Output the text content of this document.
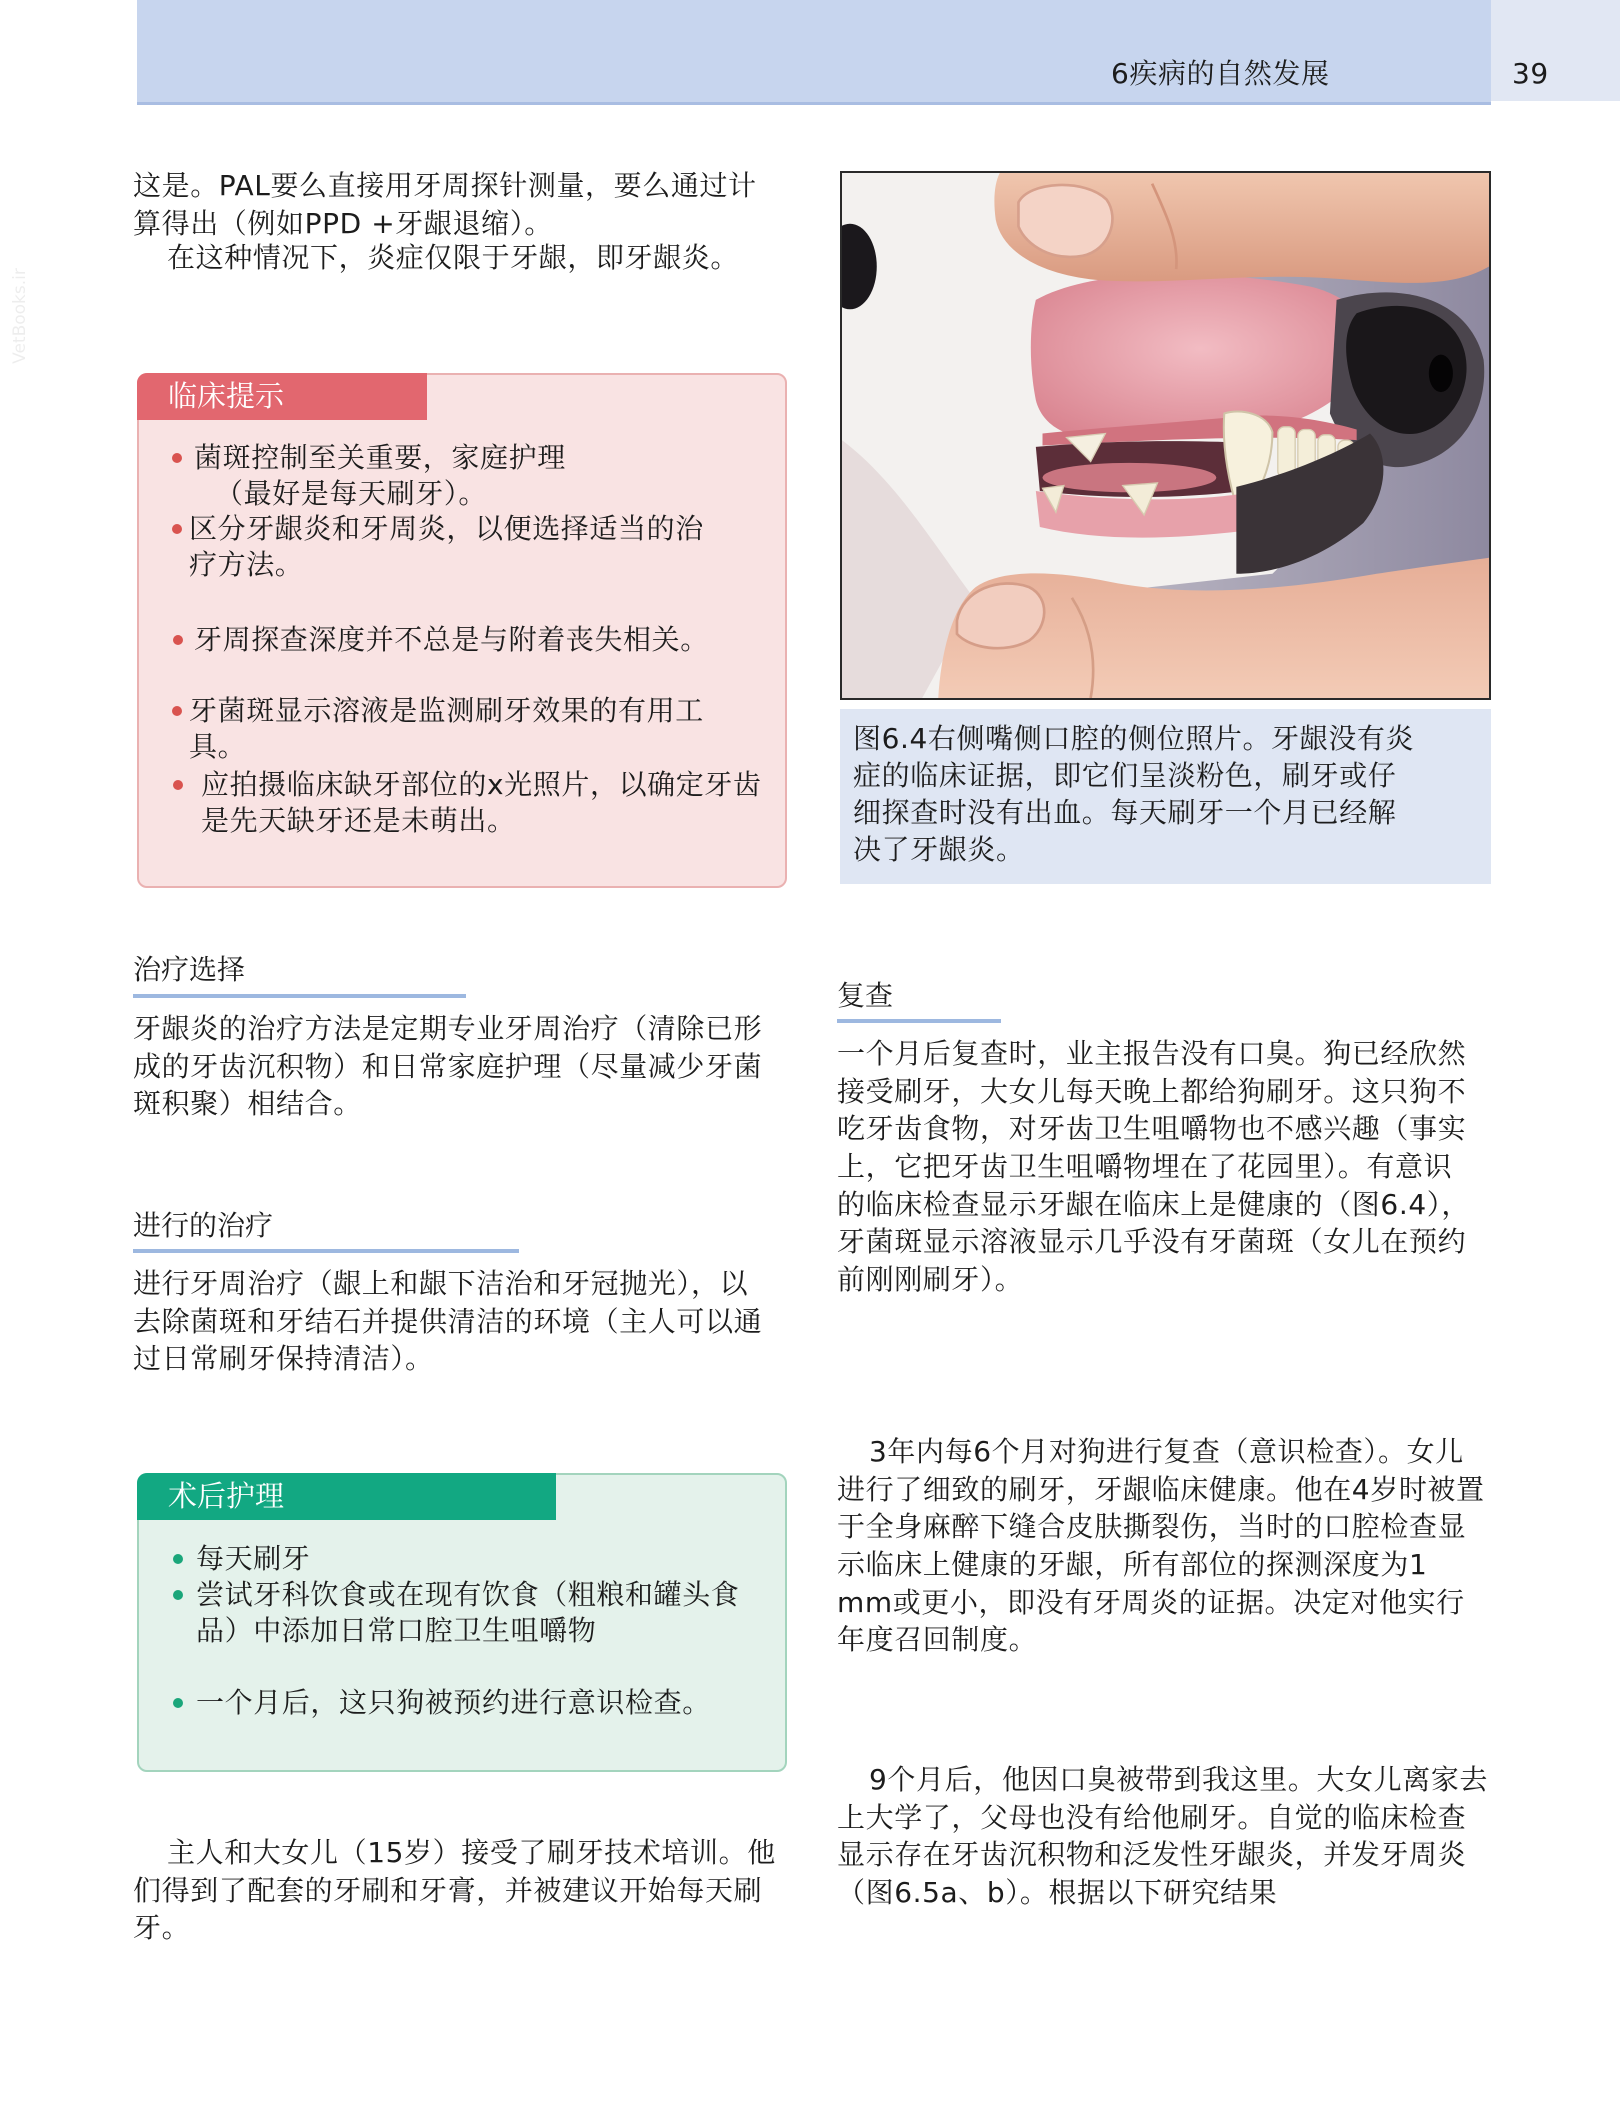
6疾病的自然发展	39
VetBooks.ir
这是。PAL要么直接用牙周探针测量，要么通过计
算得出（例如PPD +牙龈退缩）。
在这种情况下，炎症仅限于牙龈，即牙龈炎。
临床提示
菌斑控制至关重要，家庭护理
（最好是每天刷牙）。
区分牙龈炎和牙周炎，以便选择适当的治
疗方法。
牙周探查深度并不总是与附着丧失相关。
牙菌斑显示溶液是监测刷牙效果的有用工
具。
应拍摄临床缺牙部位的x光照片，以确定牙齿
是先天缺牙还是未萌出。
治疗选择
牙龈炎的治疗方法是定期专业牙周治疗（清除已形
成的牙齿沉积物）和日常家庭护理（尽量减少牙菌
斑积聚）相结合。
进行的治疗
进行牙周治疗（龈上和龈下洁治和牙冠抛光），以
去除菌斑和牙结石并提供清洁的环境（主人可以通
过日常刷牙保持清洁）。
术后护理
每天刷牙
尝试牙科饮食或在现有饮食（粗粮和罐头食
品）中添加日常口腔卫生咀嚼物
一个月后，这只狗被预约进行意识检查。
主人和大女儿（15岁）接受了刷牙技术培训。他
们得到了配套的牙刷和牙膏，并被建议开始每天刷
牙。
图6.4右侧嘴侧口腔的侧位照片。牙龈没有炎
症的临床证据，即它们呈淡粉色，刷牙或仔
细探查时没有出血。每天刷牙一个月已经解
决了牙龈炎。
复查
一个月后复查时，业主报告没有口臭。狗已经欣然
接受刷牙，大女儿每天晚上都给狗刷牙。这只狗不
吃牙齿食物，对牙齿卫生咀嚼物也不感兴趣（事实
上，它把牙齿卫生咀嚼物埋在了花园里）。有意识
的临床检查显示牙龈在临床上是健康的（图6.4），
牙菌斑显示溶液显示几乎没有牙菌斑（女儿在预约
前刚刚刷牙）。
3年内每6个月对狗进行复查（意识检查）。女儿
进行了细致的刷牙，牙龈临床健康。他在4岁时被置
于全身麻醉下缝合皮肤撕裂伤，当时的口腔检查显
示临床上健康的牙龈，所有部位的探测深度为1
mm或更小，即没有牙周炎的证据。决定对他实行
年度召回制度。
9个月后，他因口臭被带到我这里。大女儿离家去
上大学了，父母也没有给他刷牙。自觉的临床检查
显示存在牙齿沉积物和泛发性牙龈炎，并发牙周炎
（图6.5a、b）。根据以下研究结果
